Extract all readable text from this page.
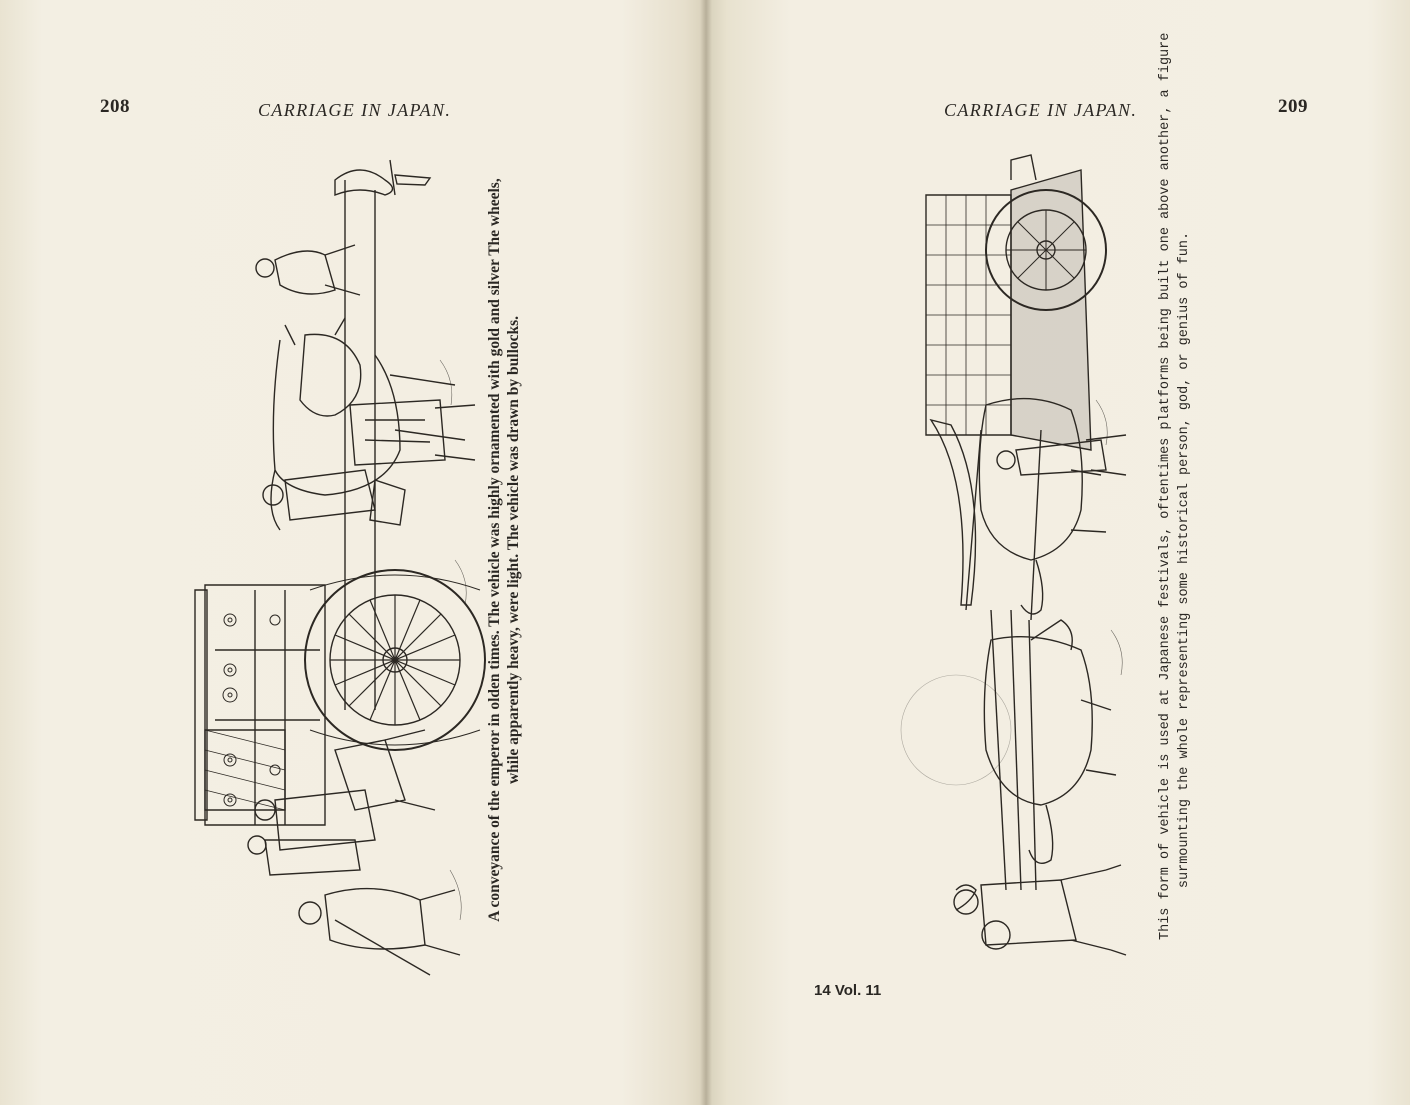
208	CARRIAGE IN JAPAN.
A conveyance of the emperor in olden times. The vehicle was highly ornamented with gold and silver The wheels, while apparently heavy, were light. The vehicle was drawn by bullocks.
CARRIAGE IN JAPAN.	209
This form of vehicle is used at Japanese festivals, oftentimes platforms being built one above another, a figure surmounting the whole representing some historical person, god, or genius of fun.
14 Vol. 11
